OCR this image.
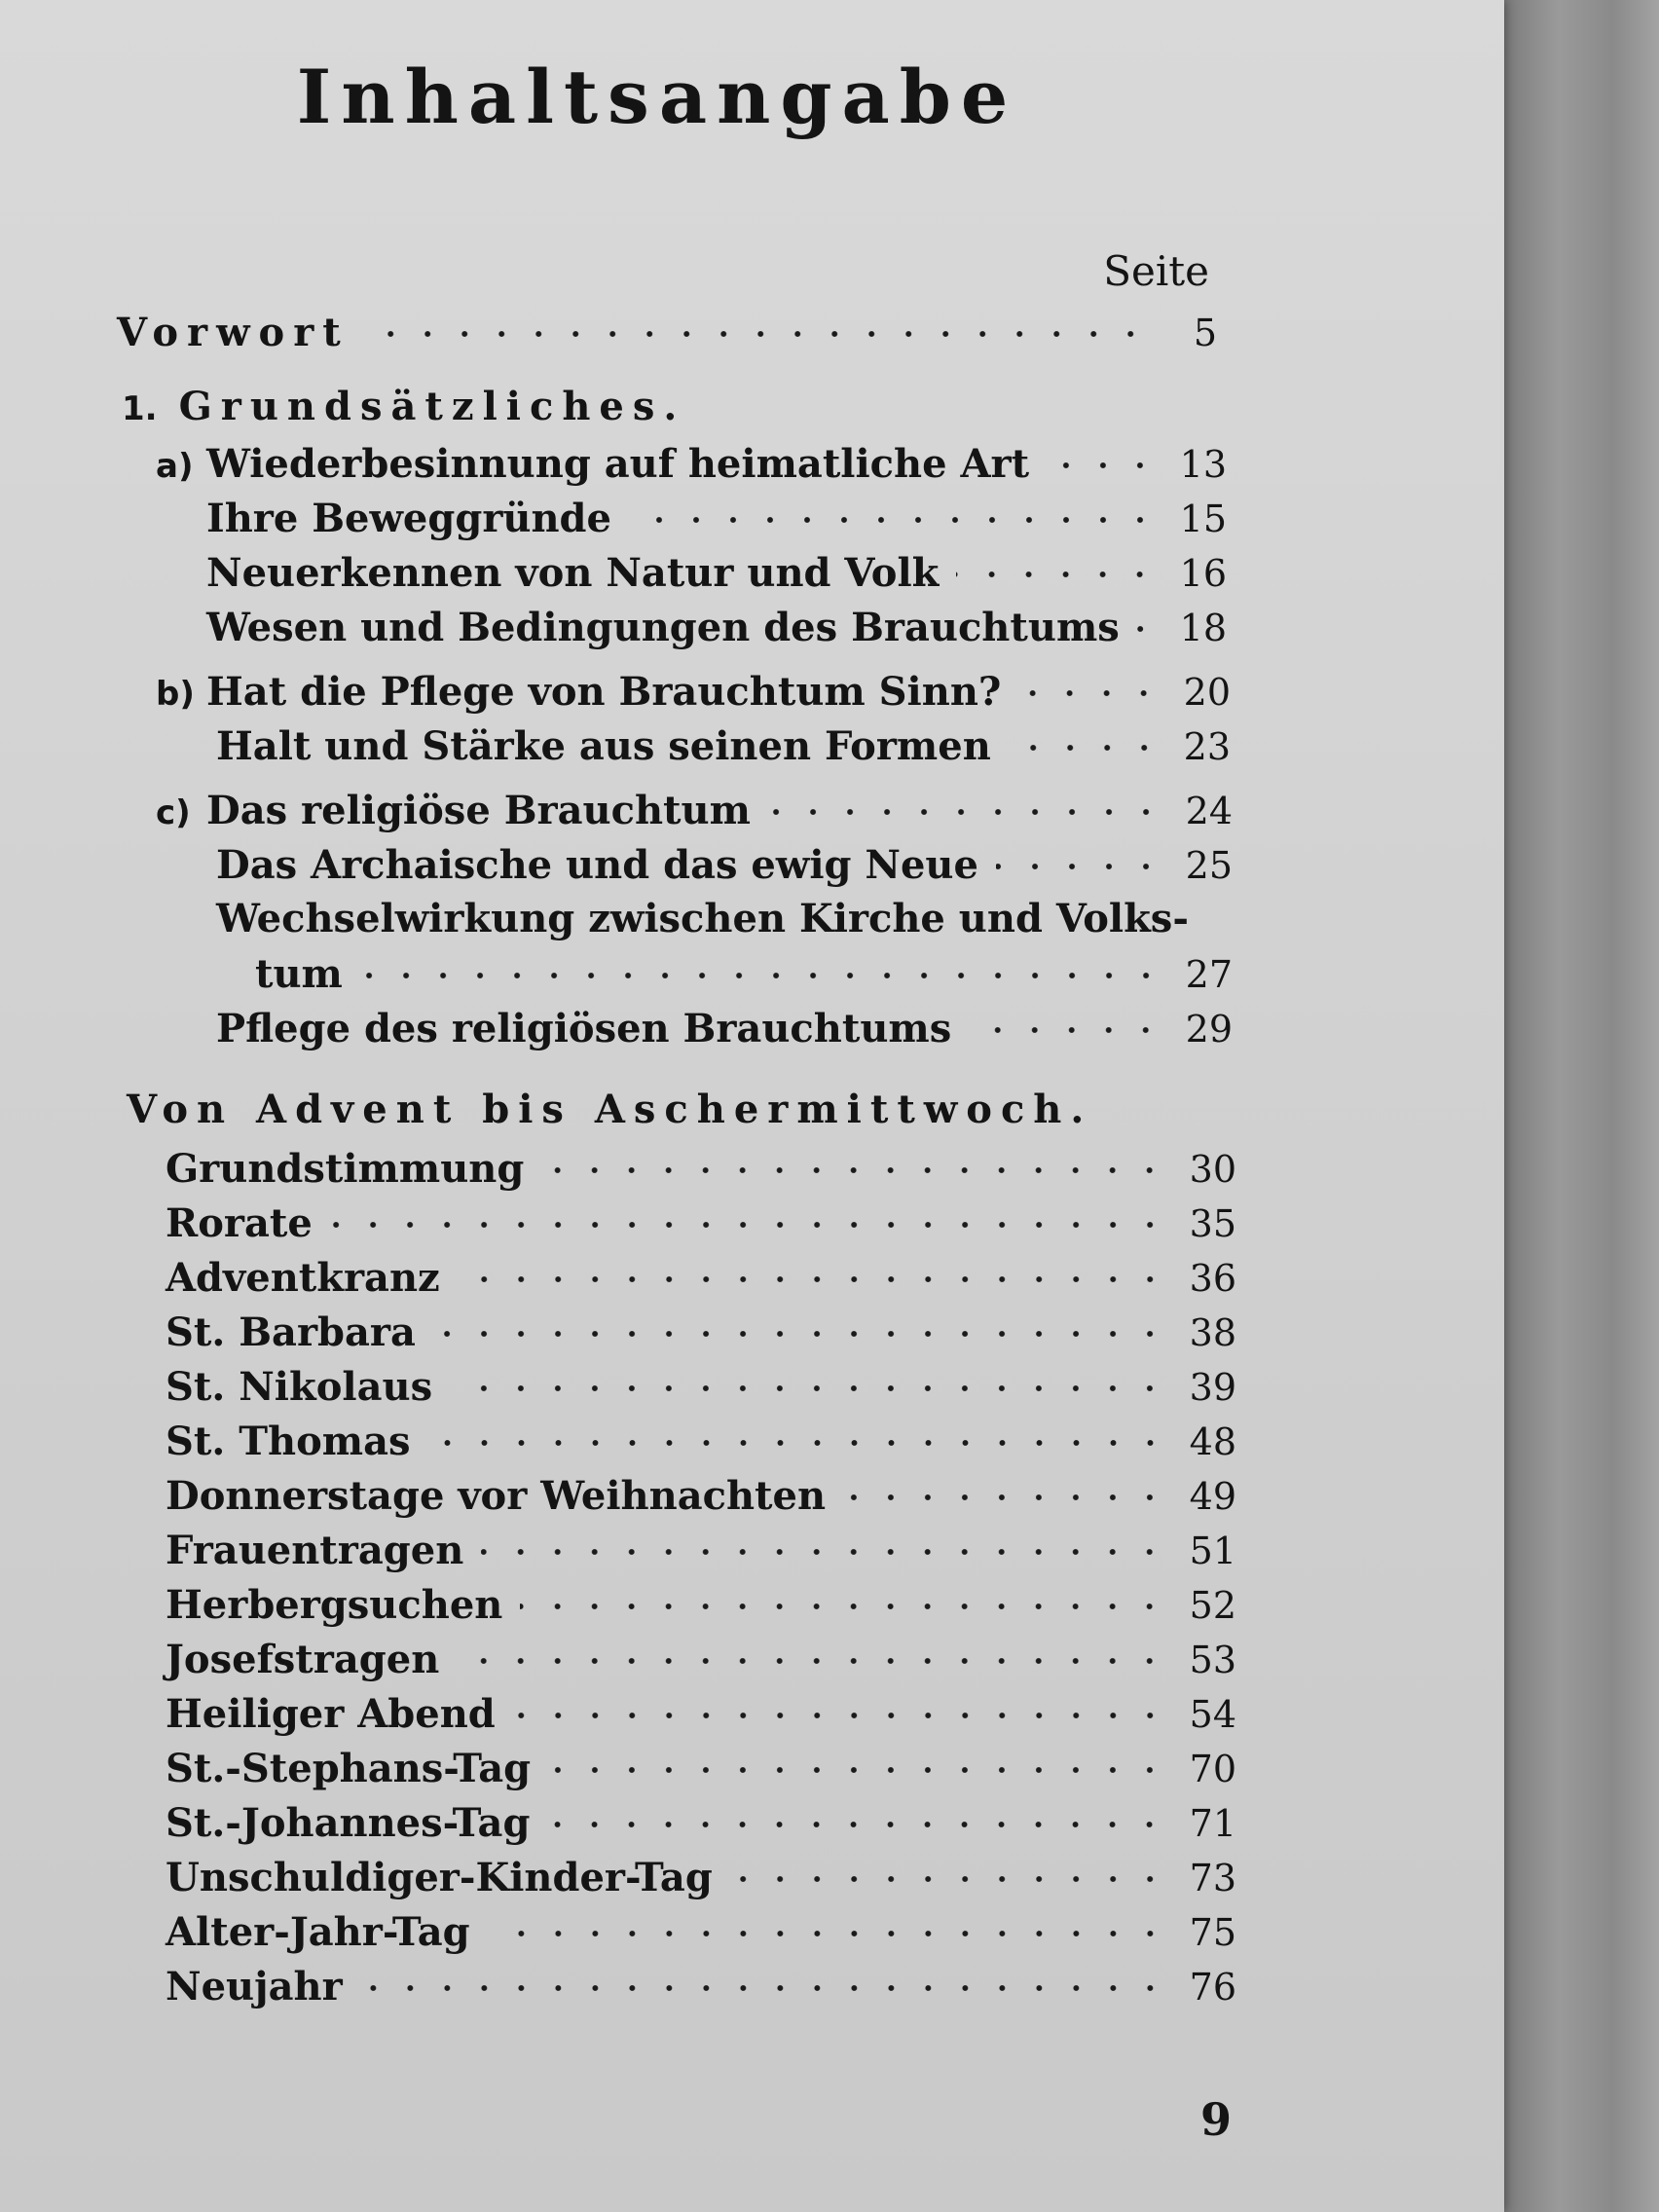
Inhaltsangabe

Seite

Vorwort	5
1. Grundsätzliches.
a) Wiederbesinnung auf heimatliche Art	13
Ihre Beweggründe	15
Neuerkennen von Natur und Volk	16
Wesen und Bedingungen des Brauchtums	18
b) Hat die Pflege von Brauchtum Sinn?	20
Halt und Stärke aus seinen Formen	23
c) Das religiöse Brauchtum	24
Das Archaische und das ewig Neue	25
Wechselwirkung zwischen Kirche und Volks-
tum	27
Pflege des religiösen Brauchtums	29
Von Advent bis Aschermittwoch.
Grundstimmung	30
Rorate	35
Adventkranz	36
St. Barbara	38
St. Nikolaus	39
St. Thomas	48
Donnerstage vor Weihnachten	49
Frauentragen	51
Herbergsuchen	52
Josefstragen	53
Heiliger Abend	54
St.-Stephans-Tag	70
St.-Johannes-Tag	71
Unschuldiger-Kinder-Tag	73
Alter-Jahr-Tag	75
Neujahr	76

9
